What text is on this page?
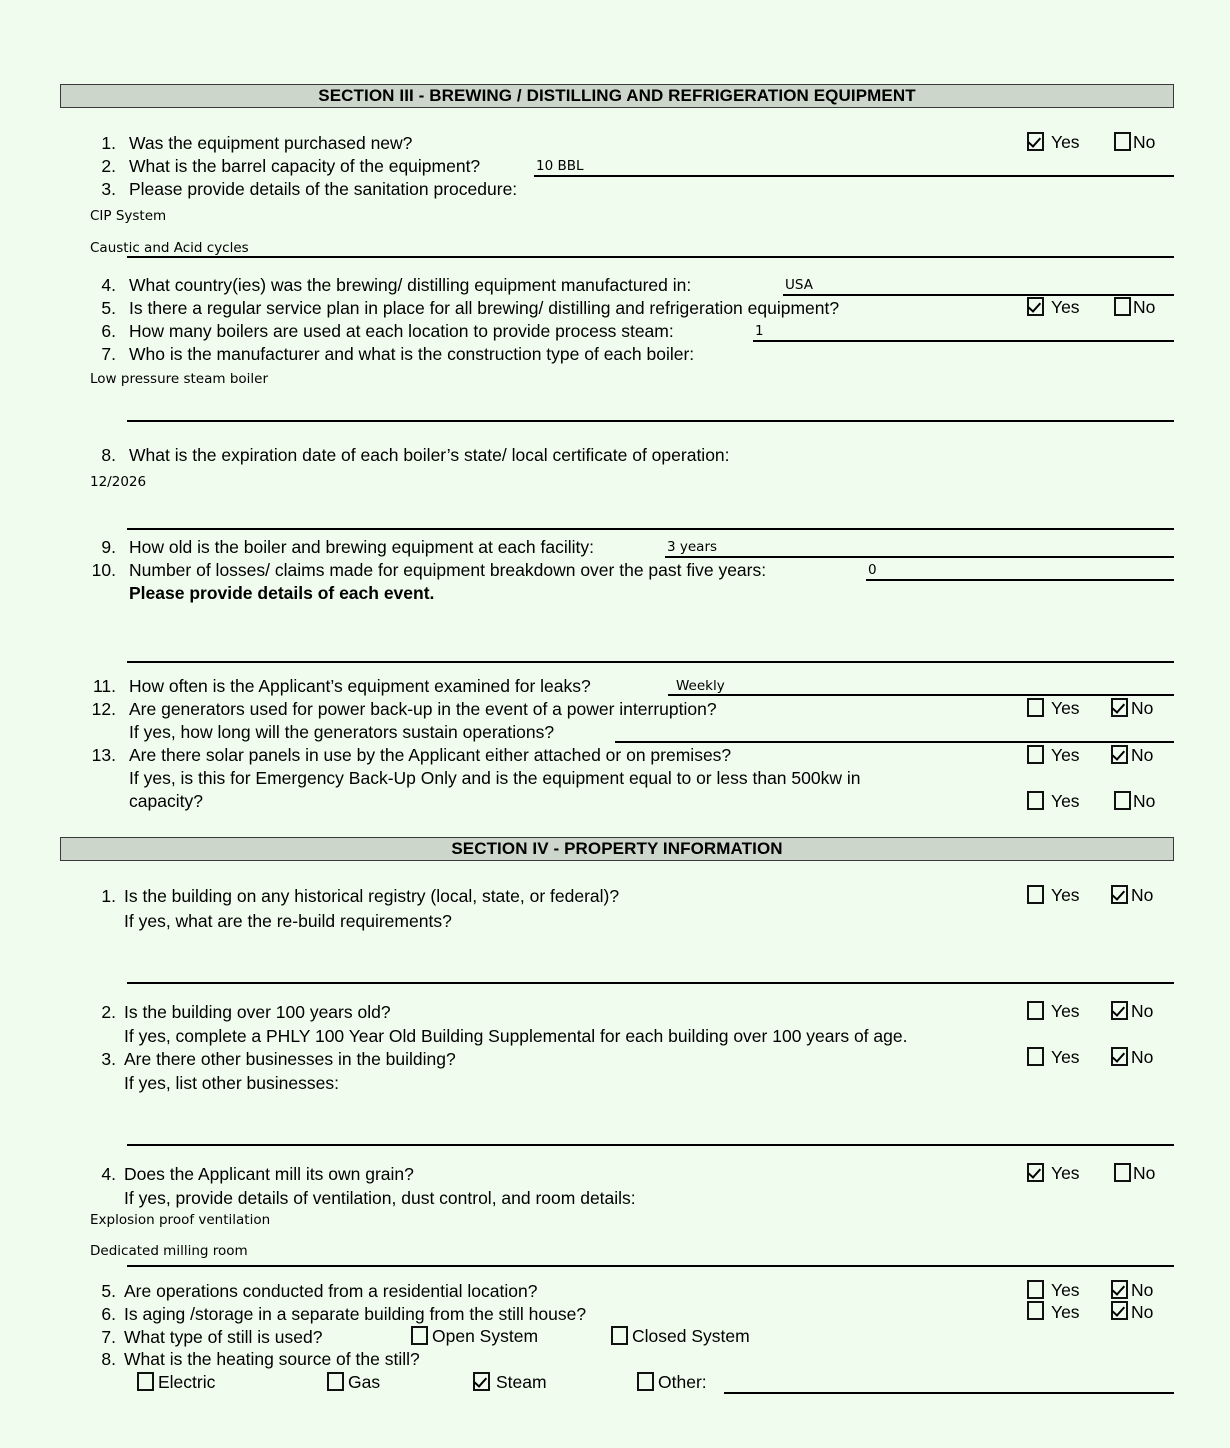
SECTION III - BREWING / DISTILLING AND REFRIGERATION EQUIPMENT
1. Was the equipment purchased new?	Yes	No
2. What is the barrel capacity of the equipment?	10 BBL
3. Please provide details of the sanitation procedure:
CIP System
Caustic and Acid cycles
4. What country(ies) was the brewing/ distilling equipment manufactured in:	USA
5. Is there a regular service plan in place for all brewing/ distilling and refrigeration equipment?	Yes	No
6. How many boilers are used at each location to provide process steam:	1
7. Who is the manufacturer and what is the construction type of each boiler:
Low pressure steam boiler
8. What is the expiration date of each boiler’s state/ local certificate of operation:
12/2026
9. How old is the boiler and brewing equipment at each facility:	3 years
10. Number of losses/ claims made for equipment breakdown over the past five years:	0
Please provide details of each event.
11. How often is the Applicant’s equipment examined for leaks?	Weekly
12. Are generators used for power back-up in the event of a power interruption?	Yes	No
If yes, how long will the generators sustain operations?
13. Are there solar panels in use by the Applicant either attached or on premises?	Yes	No
If yes, is this for Emergency Back-Up Only and is the equipment equal to or less than 500kw in
capacity?	Yes	No
SECTION IV - PROPERTY INFORMATION
1. Is the building on any historical registry (local, state, or federal)?	Yes	No
If yes, what are the re-build requirements?
2. Is the building over 100 years old?	Yes	No
If yes, complete a PHLY 100 Year Old Building Supplemental for each building over 100 years of age.
3. Are there other businesses in the building?	Yes	No
If yes, list other businesses:
4. Does the Applicant mill its own grain?	Yes	No
If yes, provide details of ventilation, dust control, and room details:
Explosion proof ventilation
Dedicated milling room
5. Are operations conducted from a residential location?	Yes	No
6. Is aging /storage in a separate building from the still house?	Yes	No
7. What type of still is used?	Open System	Closed System
8. What is the heating source of the still?
Electric	Gas	Steam	Other:
